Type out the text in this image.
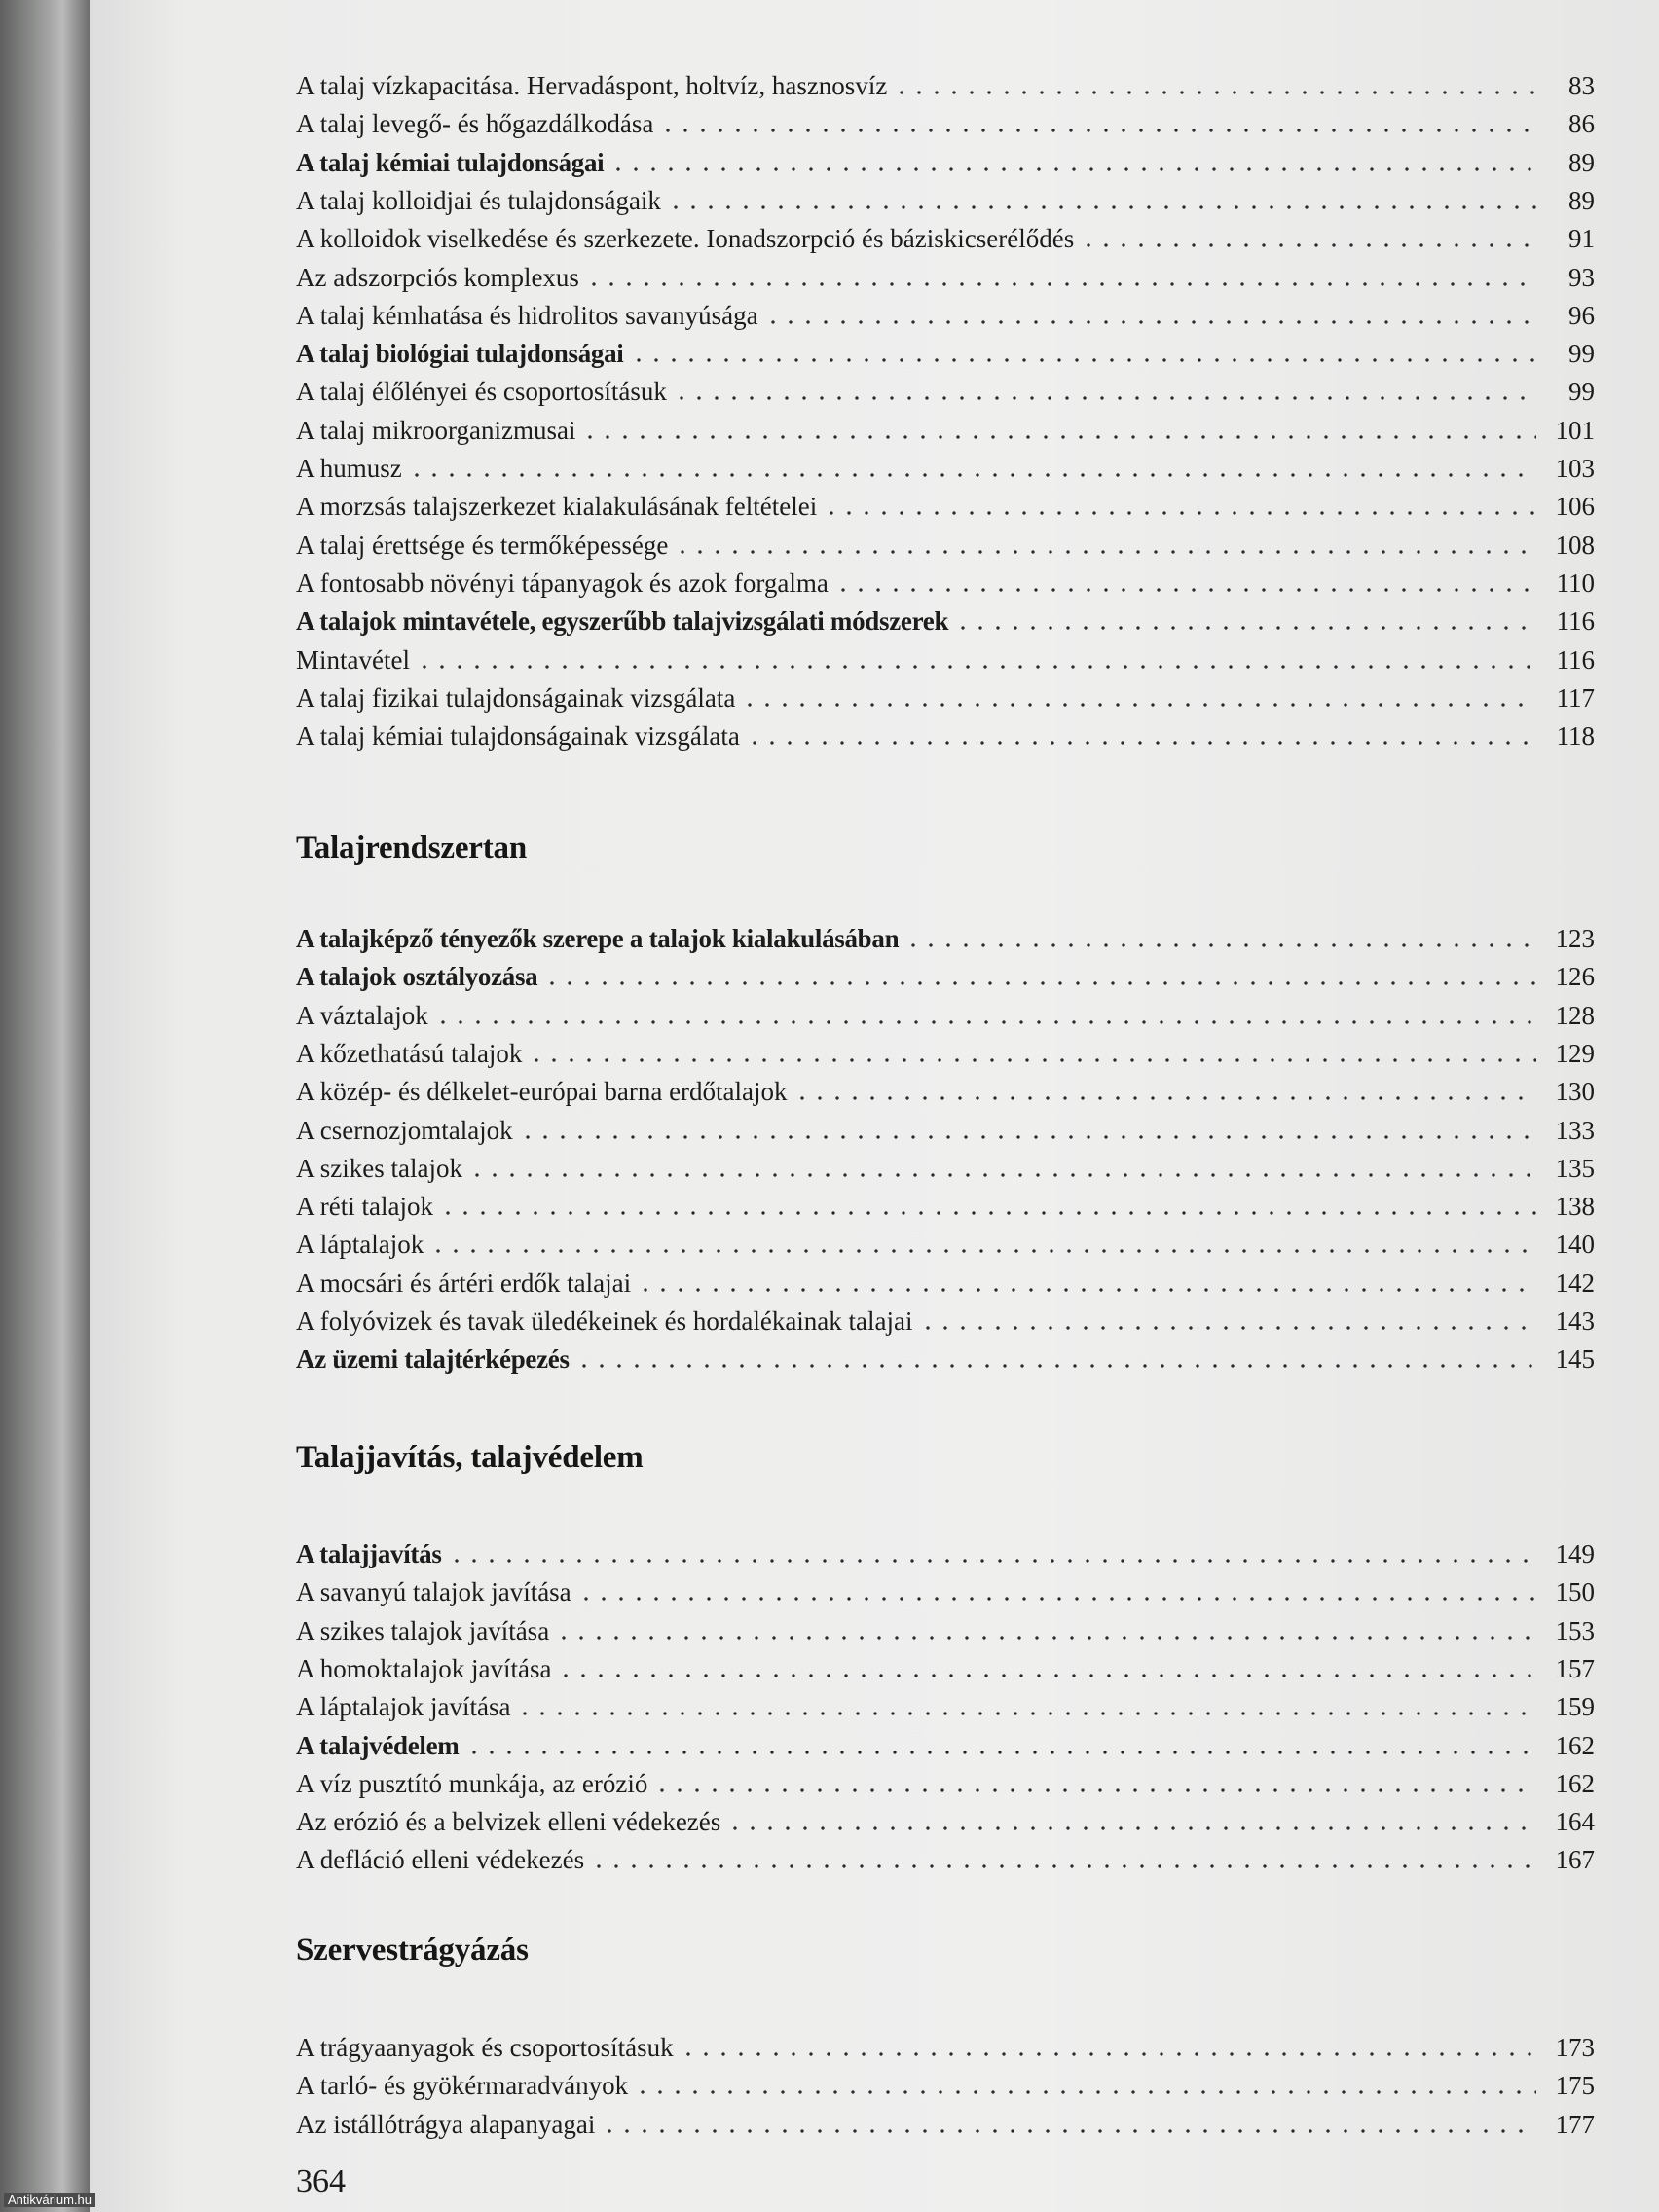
A talaj vízkapacitása. Hervadáspont, holtvíz, hasznosvíz	83
A talaj levegő- és hőgazdálkodása	86
A talaj kémiai tulajdonságai	89
A talaj kolloidjai és tulajdonságaik	89
A kolloidok viselkedése és szerkezete. Ionadszorpció és báziskicserélődés	91
Az adszorpciós komplexus	93
A talaj kémhatása és hidrolitos savanyúsága	96
A talaj biológiai tulajdonságai	99
A talaj élőlényei és csoportosításuk	99
A talaj mikroorganizmusai	101
A humusz	103
A morzsás talajszerkezet kialakulásának feltételei	106
A talaj érettsége és termőképessége	108
A fontosabb növényi tápanyagok és azok forgalma	110
A talajok mintavétele, egyszerűbb talajvizsgálati módszerek	116
Mintavétel	116
A talaj fizikai tulajdonságainak vizsgálata	117
A talaj kémiai tulajdonságainak vizsgálata	118
Talajrendszertan
A talajképző tényezők szerepe a talajok kialakulásában	123
A talajok osztályozása	126
A váztalajok	128
A kőzethatású talajok	129
A közép- és délkelet-európai barna erdőtalajok	130
A csernozjomtalajok	133
A szikes talajok	135
A réti talajok	138
A láptalajok	140
A mocsári és ártéri erdők talajai	142
A folyóvizek és tavak üledékeinek és hordalékainak talajai	143
Az üzemi talajtérképezés	145
Talajjavítás, talajvédelem
A talajjavítás	149
A savanyú talajok javítása	150
A szikes talajok javítása	153
A homoktalajok javítása	157
A láptalajok javítása	159
A talajvédelem	162
A víz pusztító munkája, az erózió	162
Az erózió és a belvizek elleni védekezés	164
A defláció elleni védekezés	167
Szervestrágyázás
A trágyaanyagok és csoportosításuk	173
A tarló- és gyökérmaradványok	175
Az istállótrágya alapanyagai	177
364
Antikvárium.hu
